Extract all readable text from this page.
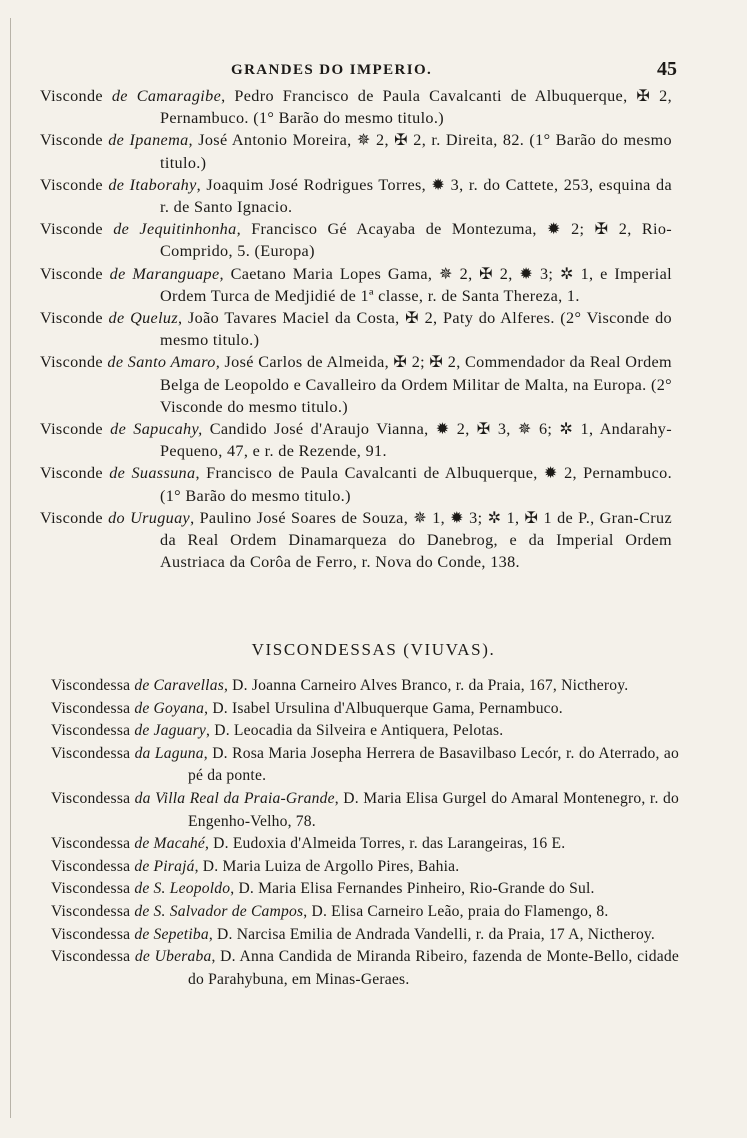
GRANDES DO IMPERIO.	45

Visconde de Camaragibe, Pedro Francisco de Paula Cavalcanti de Albuquerque, ✠ 2, Pernambuco. (1° Barão do mesmo titulo.)

Visconde de Ipanema, José Antonio Moreira, ✵ 2, ✠ 2, r. Direita, 82. (1° Barão do mesmo titulo.)

Visconde de Itaborahy, Joaquim José Rodrigues Torres, ✹ 3, r. do Cattete, 253, esquina da r. de Santo Ignacio.

Visconde de Jequitinhonha, Francisco Gé Acayaba de Montezuma, ✹ 2; ✠ 2, Rio-Comprido, 5. (Europa)

Visconde de Maranguape, Caetano Maria Lopes Gama, ✵ 2, ✠ 2, ✹ 3; ✲ 1, e Imperial Ordem Turca de Medjidié de 1ª classe, r. de Santa Thereza, 1.

Visconde de Queluz, João Tavares Maciel da Costa, ✠ 2, Paty do Alferes. (2° Visconde do mesmo titulo.)

Visconde de Santo Amaro, José Carlos de Almeida, ✠ 2; ✠ 2, Commendador da Real Ordem Belga de Leopoldo e Cavalleiro da Ordem Militar de Malta, na Europa. (2° Visconde do mesmo titulo.)

Visconde de Sapucahy, Candido José d'Araujo Vianna, ✹ 2, ✠ 3, ✵ 6; ✲ 1, Andarahy-Pequeno, 47, e r. de Rezende, 91.

Visconde de Suassuna, Francisco de Paula Cavalcanti de Albuquerque, ✹ 2, Pernambuco. (1° Barão do mesmo titulo.)

Visconde do Uruguay, Paulino José Soares de Souza, ✵ 1, ✹ 3; ✲ 1, ✠ 1 de P., Gran-Cruz da Real Ordem Dinamarqueza do Danebrog, e da Imperial Ordem Austriaca da Corôa de Ferro, r. Nova do Conde, 138.

VISCONDESSAS (VIUVAS).

Viscondessa de Caravellas, D. Joanna Carneiro Alves Branco, r. da Praia, 167, Nictheroy.

Viscondessa de Goyana, D. Isabel Ursulina d'Albuquerque Gama, Pernambuco.

Viscondessa de Jaguary, D. Leocadia da Silveira e Antiquera, Pelotas.

Viscondessa da Laguna, D. Rosa Maria Josepha Herrera de Basavilbaso Lecór, r. do Aterrado, ao pé da ponte.

Viscondessa da Villa Real da Praia-Grande, D. Maria Elisa Gurgel do Amaral Montenegro, r. do Engenho-Velho, 78.

Viscondessa de Macahé, D. Eudoxia d'Almeida Torres, r. das Larangeiras, 16 E.

Viscondessa de Pirajá, D. Maria Luiza de Argollo Pires, Bahia.

Viscondessa de S. Leopoldo, D. Maria Elisa Fernandes Pinheiro, Rio-Grande do Sul.

Viscondessa de S. Salvador de Campos, D. Elisa Carneiro Leão, praia do Flamengo, 8.

Viscondessa de Sepetiba, D. Narcisa Emilia de Andrada Vandelli, r. da Praia, 17 A, Nictheroy.

Viscondessa de Uberaba, D. Anna Candida de Miranda Ribeiro, fazenda de Monte-Bello, cidade do Parahybuna, em Minas-Geraes.
